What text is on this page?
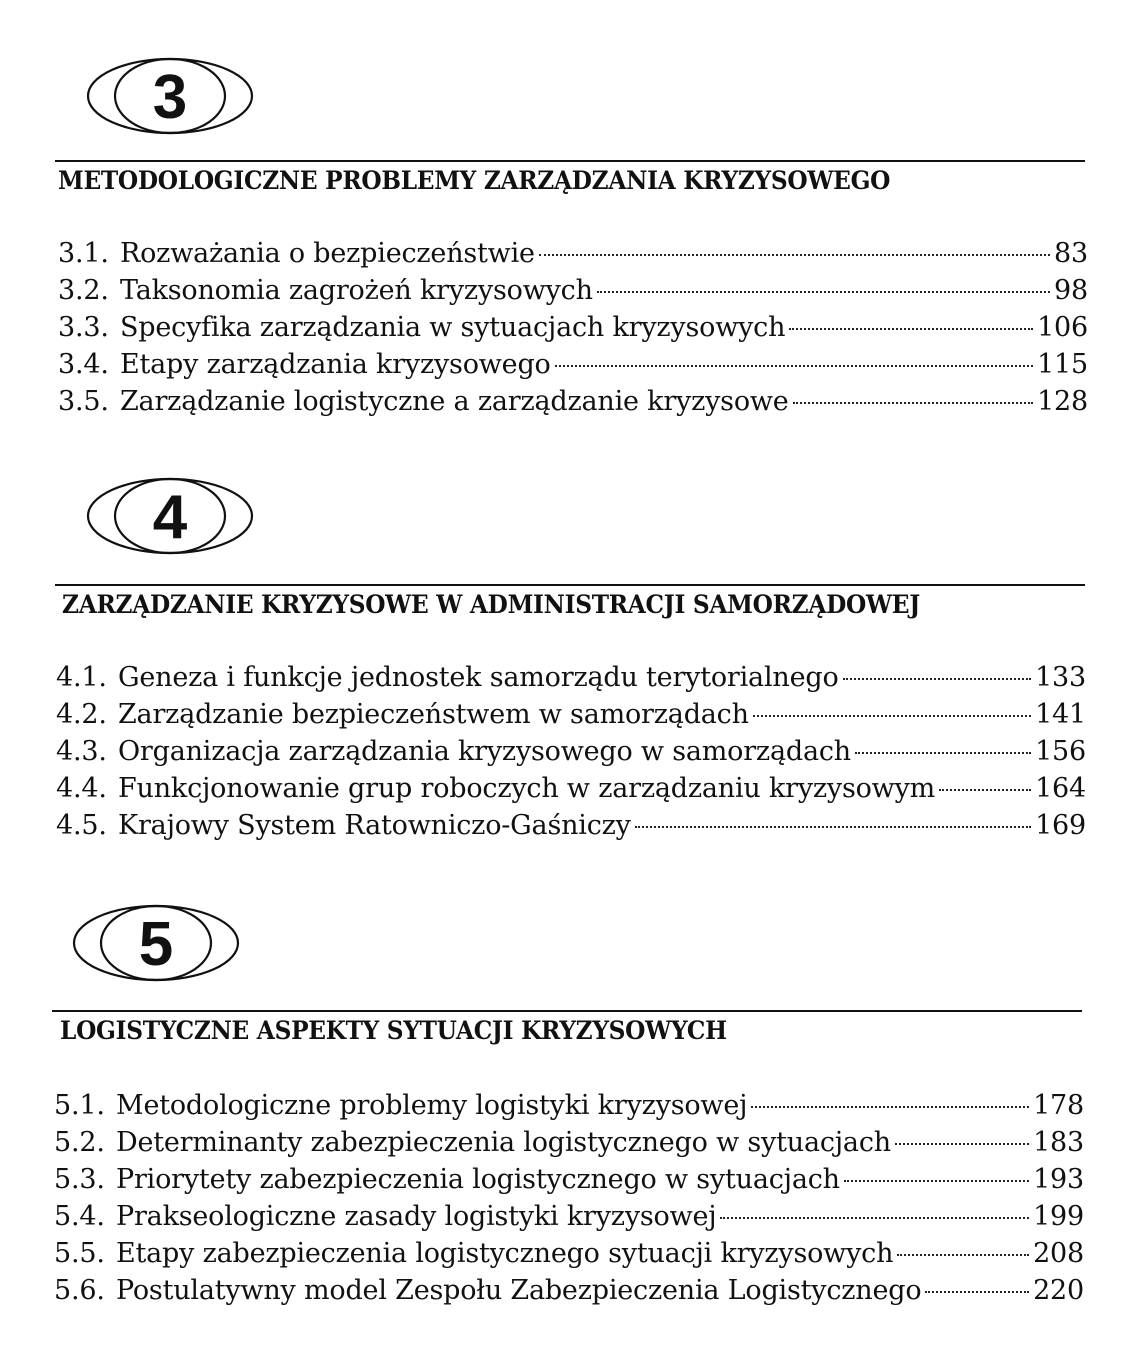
3
METODOLOGICZNE PROBLEMY ZARZĄDZANIA KRYZYSOWEGO
3.1. Rozważania o bezpieczeństwie	83
3.2. Taksonomia zagrożeń kryzysowych	98
3.3. Specyfika zarządzania w sytuacjach kryzysowych	106
3.4. Etapy zarządzania kryzysowego	115
3.5. Zarządzanie logistyczne a zarządzanie kryzysowe	128
4
ZARZĄDZANIE KRYZYSOWE W ADMINISTRACJI SAMORZĄDOWEJ
4.1. Geneza i funkcje jednostek samorządu terytorialnego	133
4.2. Zarządzanie bezpieczeństwem w samorządach	141
4.3. Organizacja zarządzania kryzysowego w samorządach	156
4.4. Funkcjonowanie grup roboczych w zarządzaniu kryzysowym	164
4.5. Krajowy System Ratowniczo-Gaśniczy	169
5
LOGISTYCZNE ASPEKTY SYTUACJI KRYZYSOWYCH
5.1. Metodologiczne problemy logistyki kryzysowej	178
5.2. Determinanty zabezpieczenia logistycznego w sytuacjach	183
5.3. Priorytety zabezpieczenia logistycznego w sytuacjach	193
5.4. Prakseologiczne zasady logistyki kryzysowej	199
5.5. Etapy zabezpieczenia logistycznego sytuacji kryzysowych	208
5.6. Postulatywny model Zespołu Zabezpieczenia Logistycznego	220
